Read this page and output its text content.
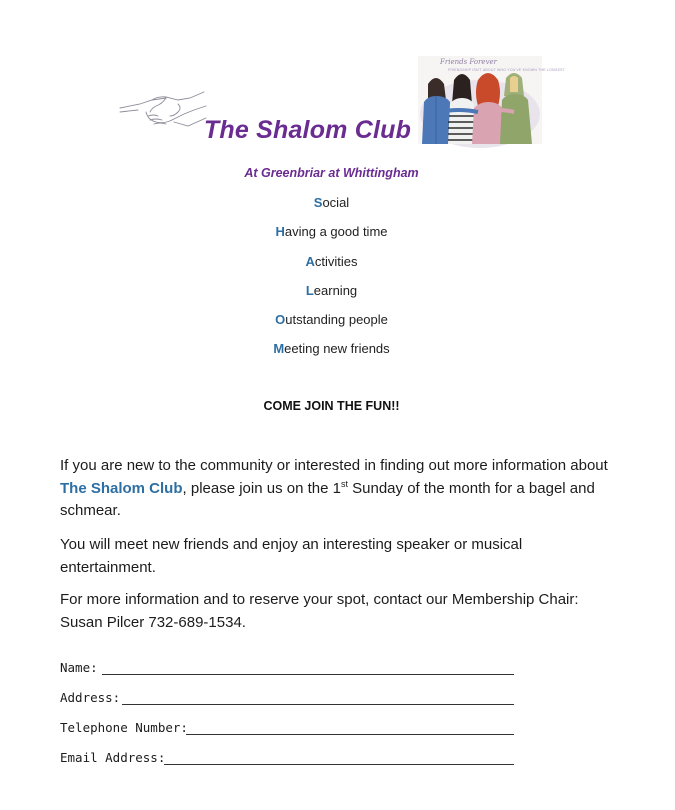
Friends Forever
FRIENDSHIP ISN'T ABOUT WHO YOU'VE KNOWN THE LONGEST
The Shalom Club
At Greenbriar at Whittingham
Social
Having a good time
Activities
Learning
Outstanding people
Meeting new friends
COME JOIN THE FUN!!
If you are new to the community or interested in finding out more information about The Shalom Club, please join us on the 1st Sunday of the month for a bagel and schmear.
You will meet new friends and enjoy an interesting speaker or musical entertainment.
For more information and to reserve your spot, contact our Membership Chair: Susan Pilcer 732-689-1534.
Name:
Address:
Telephone Number:
Email Address:
